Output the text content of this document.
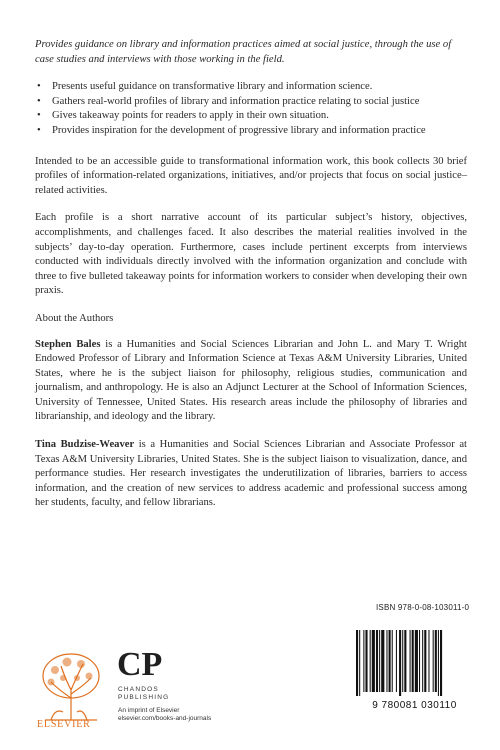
Provides guidance on library and information practices aimed at social justice, through the use of case studies and interviews with those working in the field.

• Presents useful guidance on transformative library and information science.
• Gathers real-world profiles of library and information practice relating to social justice
• Gives takeaway points for readers to apply in their own situation.
• Provides inspiration for the development of progressive library and information practice

Intended to be an accessible guide to transformational information work, this book collects 30 brief profiles of information-related organizations, initiatives, and/or projects that focus on social justice–related activities.

Each profile is a short narrative account of its particular subject’s history, objectives, accomplishments, and challenges faced. It also describes the material realities involved in the subjects’ day-to-day operation. Furthermore, cases include pertinent excerpts from interviews conducted with individuals directly involved with the information organization and conclude with three to five bulleted takeaway points for information workers to consider when developing their own praxis.

About the Authors

Stephen Bales is a Humanities and Social Sciences Librarian and John L. and Mary T. Wright Endowed Professor of Library and Information Science at Texas A&M University Libraries, United States, where he is the subject liaison for philosophy, religious studies, communication and journalism, and anthropology. He is also an Adjunct Lecturer at the School of Information Sciences, University of Tennessee, United States. His research areas include the philosophy of libraries and librarianship, and ideology and the library.

Tina Budzise-Weaver is a Humanities and Social Sciences Librarian and Associate Professor at Texas A&M University Libraries, United States. She is the subject liaison to visualization, dance, and performance studies. Her research investigates the underutilization of libraries, barriers to access information, and the creation of new services to address academic and professional success among her students, faculty, and fellow librarians.

ISBN 978-0-08-103011-0
9 780081 030110
ELSEVIER
CP
CHANDOS
PUBLISHING
An imprint of Elsevier
elsevier.com/books-and-journals
